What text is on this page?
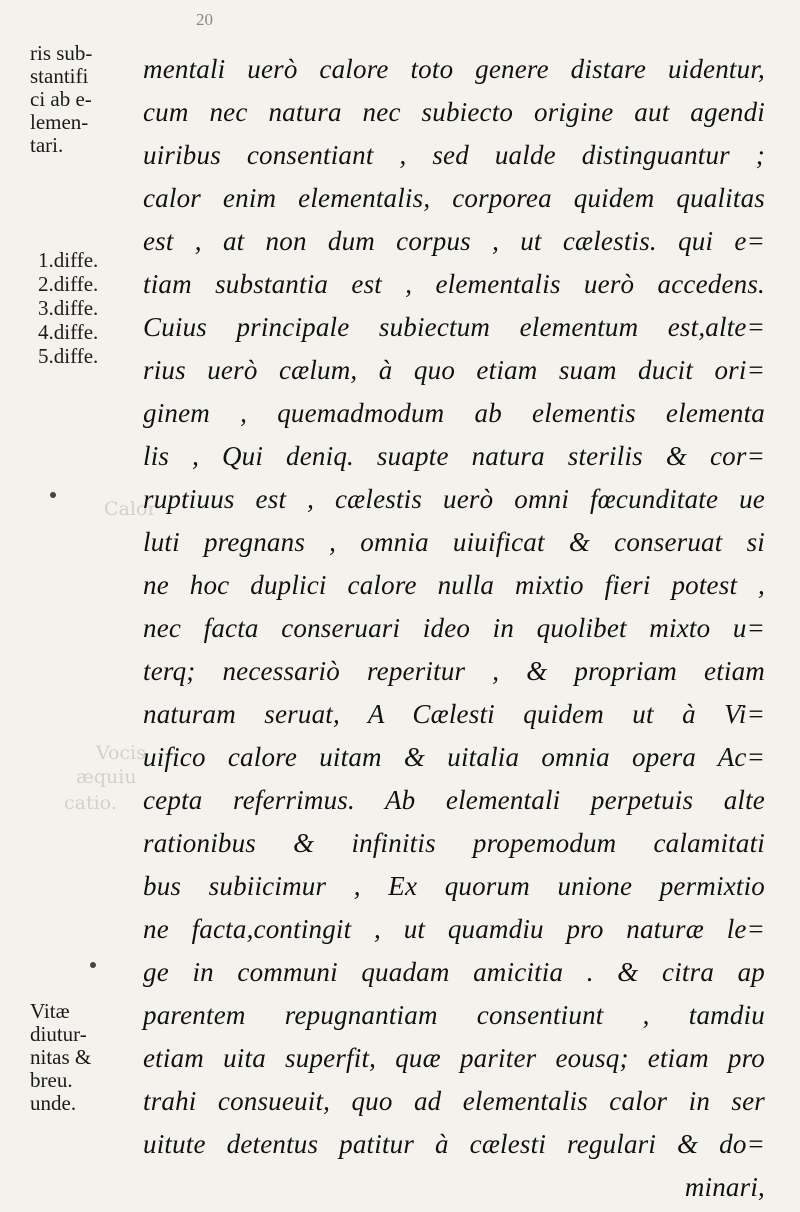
20
Calor
Vocis
æquiu
catio.
ris sub-
stantifi
ci ab e-
lemen-
tari.
1.diffe.
2.diffe.
3.diffe.
4.diffe.
5.diffe.
Vitæ
diutur-
nitas &
breu.
unde.
mentali uerò calore toto genere distare uidentur,
cum nec natura nec subiecto origine aut agendi
uiribus consentiant , sed ualde distinguantur ;
calor enim elementalis, corporea quidem qualitas
est , at non dum corpus , ut cælestis. qui e=
tiam substantia est , elementalis uerò accedens.
Cuius principale subiectum elementum est,alte=
rius uerò cælum, à quo etiam suam ducit ori=
ginem , quemadmodum ab elementis elementa
lis , Qui deniq. suapte natura sterilis & cor=
ruptiuus est , cælestis uerò omni fœcunditate ue
luti pregnans , omnia uiuificat & conseruat si
ne hoc duplici calore nulla mixtio fieri potest ,
nec facta conseruari ideo in quolibet mixto u=
terq; necessariò reperitur , & propriam etiam
naturam seruat, A Cælesti quidem ut à Vi=
uifico calore uitam & uitalia omnia opera Ac=
cepta referrimus. Ab elementali perpetuis alte
rationibus & infinitis propemodum calamitati
bus subiicimur , Ex quorum unione permixtio
ne facta,contingit , ut quamdiu pro naturæ le=
ge in communi quadam amicitia . & citra ap
parentem repugnantiam consentiunt , tamdiu
etiam uita superfit, quæ pariter eousq; etiam pro
trahi consueuit, quo ad elementalis calor in ser
uitute detentus patitur à cælesti regulari & do=
minari,
